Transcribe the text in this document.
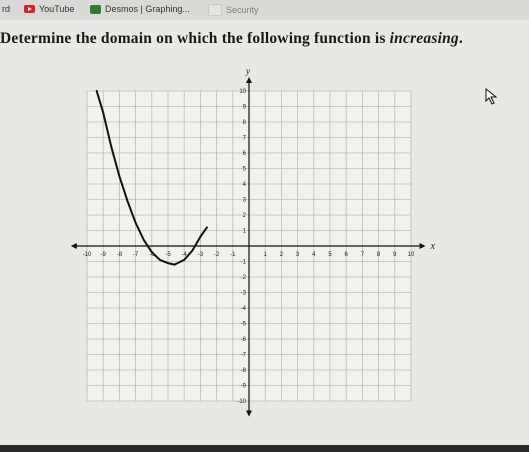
rd	YouTube	Desmos | Graphing...	Security
Determine the domain on which the following function is increasing.
x
y
-10 -9 -8 -7 -6 -5 -4 -3 -2 -1	1 2 3 4 5 6 7 8 9 10
10
9
8
7
6
5
4
3
2
1
-1
-2
-3
-4
-5
-6
-7
-8
-9
-10
